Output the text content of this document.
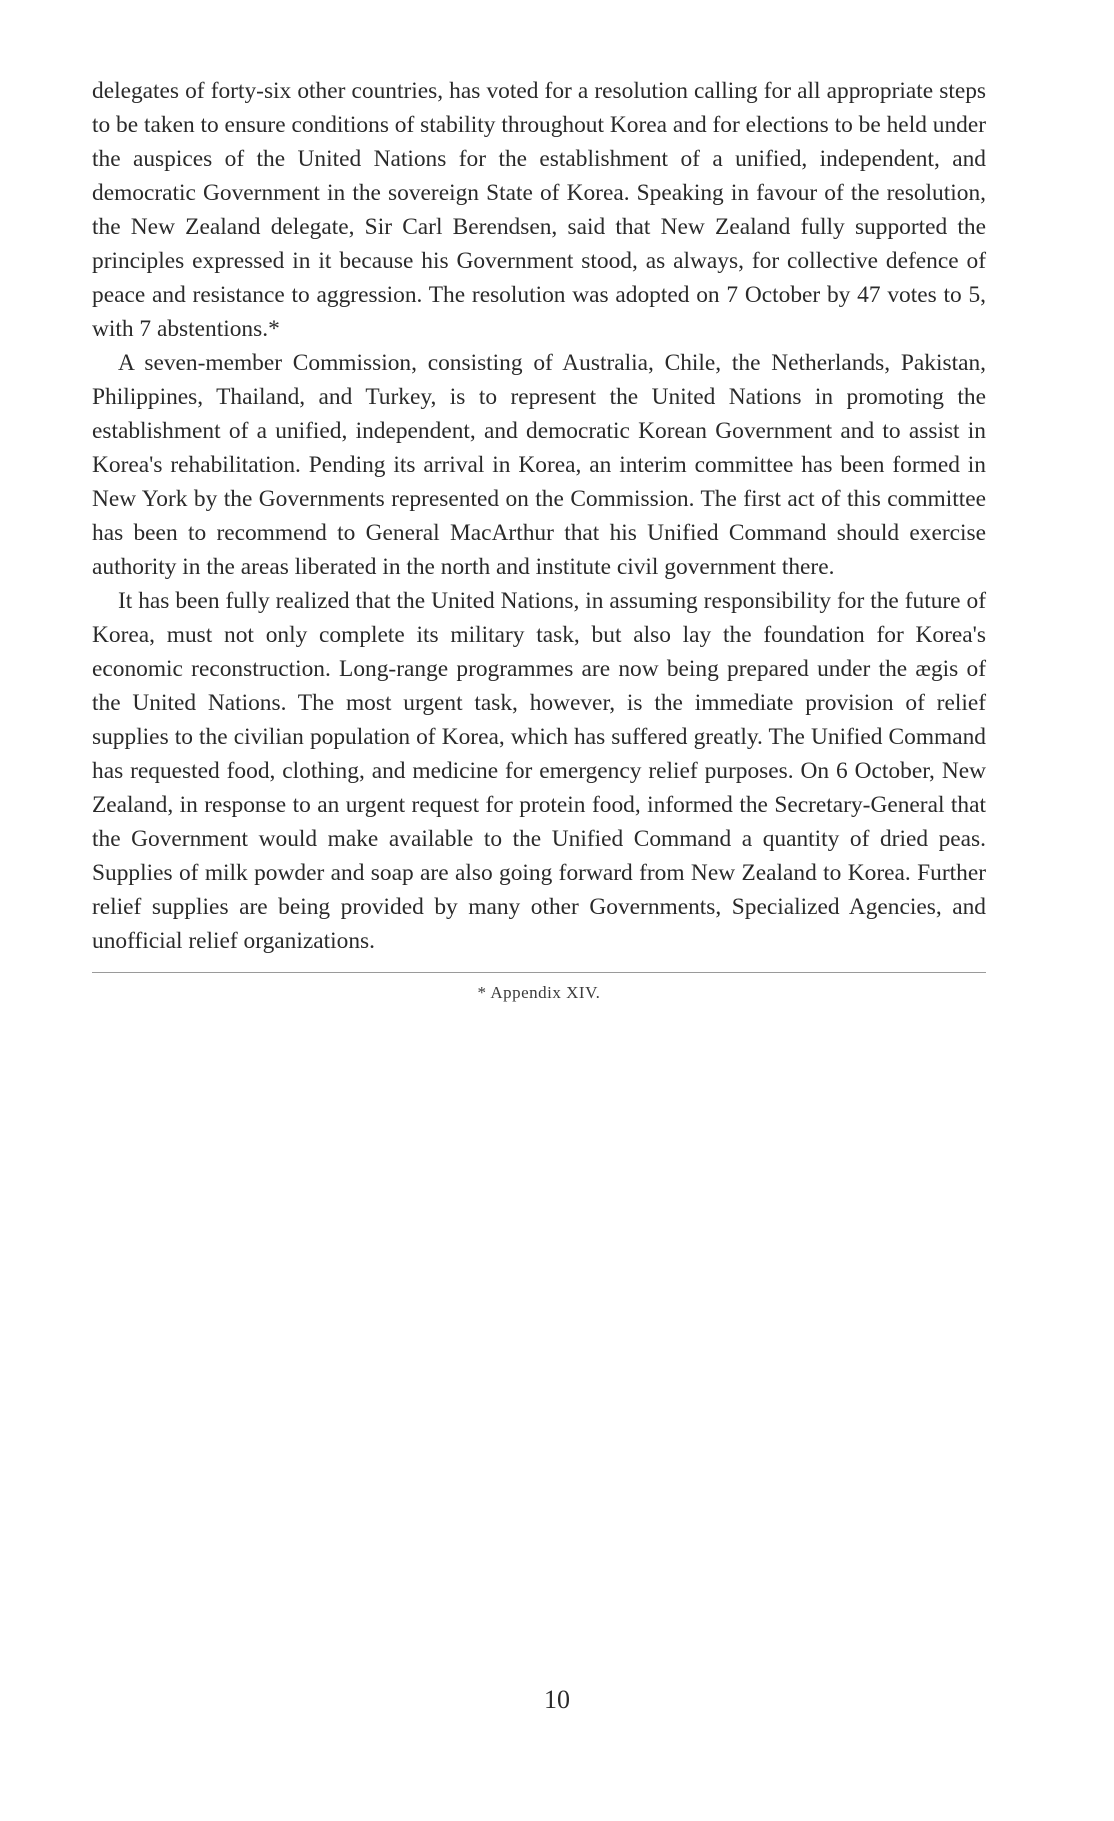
delegates of forty-six other countries, has voted for a resolution calling for all appropriate steps to be taken to ensure conditions of stability throughout Korea and for elections to be held under the auspices of the United Nations for the establishment of a unified, independent, and democratic Government in the sovereign State of Korea. Speaking in favour of the resolution, the New Zealand delegate, Sir Carl Berendsen, said that New Zealand fully supported the principles expressed in it because his Government stood, as always, for collective defence of peace and resistance to aggression. The resolution was adopted on 7 October by 47 votes to 5, with 7 abstentions.*

A seven-member Commission, consisting of Australia, Chile, the Netherlands, Pakistan, Philippines, Thailand, and Turkey, is to represent the United Nations in promoting the establishment of a unified, independent, and democratic Korean Government and to assist in Korea's rehabilitation. Pending its arrival in Korea, an interim committee has been formed in New York by the Governments represented on the Commission. The first act of this committee has been to recommend to General MacArthur that his Unified Command should exercise authority in the areas liberated in the north and institute civil government there.

It has been fully realized that the United Nations, in assuming responsibility for the future of Korea, must not only complete its military task, but also lay the foundation for Korea's economic reconstruction. Long-range programmes are now being prepared under the ægis of the United Nations. The most urgent task, however, is the immediate provision of relief supplies to the civilian population of Korea, which has suffered greatly. The Unified Command has requested food, clothing, and medicine for emergency relief purposes. On 6 October, New Zealand, in response to an urgent request for protein food, informed the Secretary-General that the Government would make available to the Unified Command a quantity of dried peas. Supplies of milk powder and soap are also going forward from New Zealand to Korea. Further relief supplies are being provided by many other Governments, Specialized Agencies, and unofficial relief organizations.

* Appendix XIV.
10
